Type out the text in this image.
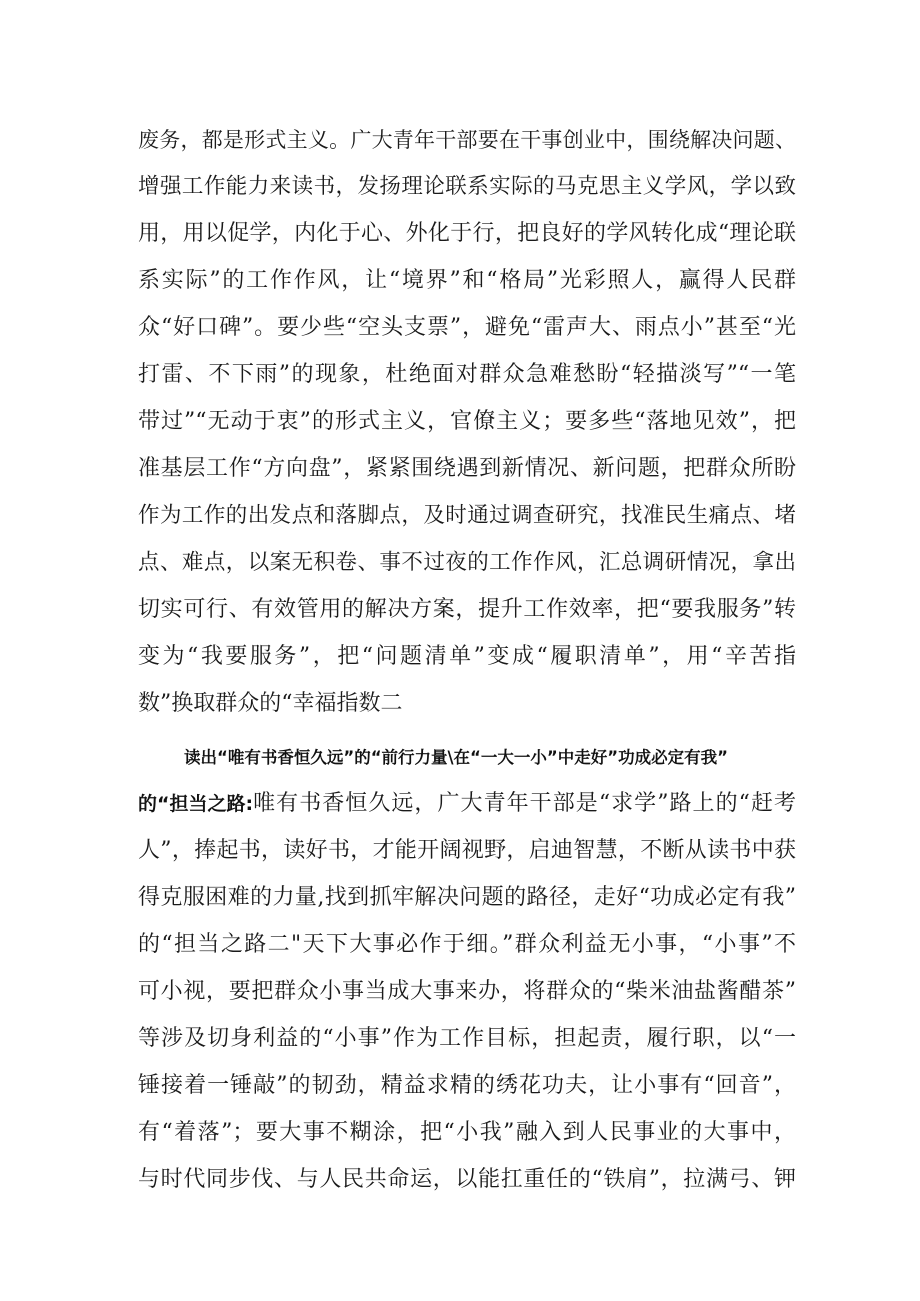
废务，都是形式主义。广大青年干部要在干事创业中，围绕解决问题、
增强工作能力来读书，发扬理论联系实际的马克思主义学风，学以致
用，用以促学，内化于心、外化于行，把良好的学风转化成“理论联
系实际”的工作作风，让“境界”和“格局”光彩照人，赢得人民群
众“好口碑”。要少些“空头支票”，避免“雷声大、雨点小”甚至“光
打雷、不下雨”的现象，杜绝面对群众急难愁盼“轻描淡写”“一笔
带过”“无动于衷”的形式主义，官僚主义；要多些“落地见效”，把
准基层工作“方向盘”，紧紧围绕遇到新情况、新问题，把群众所盼
作为工作的出发点和落脚点，及时通过调查研究，找准民生痛点、堵
点、难点，以案无积卷、事不过夜的工作作风，汇总调研情况，拿出
切实可行、有效管用的解决方案，提升工作效率，把“要我服务”转
变为“我要服务”，把“问题清单”变成“履职清单”，用“辛苦指
数”换取群众的“幸福指数二
读出“唯有书香恒久远”的“前行力量\在“一大一小”中走好”功成必定有我”
的“担当之路: 唯有书香恒久远，广大青年干部是“求学”路上的“赶考
人”，捧起书，读好书，才能开阔视野，启迪智慧，不断从读书中获
得克服困难的力量,找到抓牢解决问题的路径，走好“功成必定有我”
的“担当之路二"天下大事必作于细。”群众利益无小事，“小事”不
可小视，要把群众小事当成大事来办，将群众的“柴米油盐酱醋茶”
等涉及切身利益的“小事”作为工作目标，担起责，履行职，以“一
锤接着一锤敲”的韧劲，精益求精的绣花功夫，让小事有“回音”，
有“着落”；要大事不糊涂，把“小我”融入到人民事业的大事中，
与时代同步伐、与人民共命运，以能扛重任的“铁肩”，拉满弓、钾
